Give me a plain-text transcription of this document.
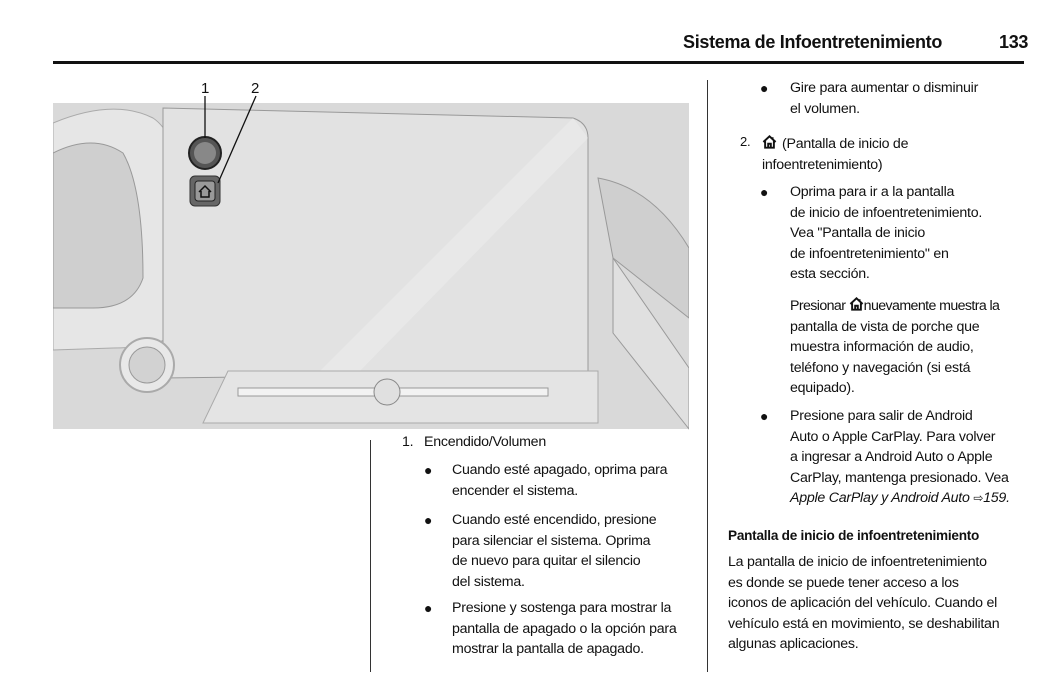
Sistema de Infoentretenimiento	133
1	2
1. Encendido/Volumen
● Cuando esté apagado, oprima para
encender el sistema.
● Cuando esté encendido, presione
para silenciar el sistema. Oprima
de nuevo para quitar el silencio
del sistema.
● Presione y sostenga para mostrar la
pantalla de apagado o la opción para
mostrar la pantalla de apagado.
● Gire para aumentar o disminuir
el volumen.
2.	(Pantalla de inicio de
infoentretenimiento)
● Oprima para ir a la pantalla
de inicio de infoentretenimiento.
Vea "Pantalla de inicio
de infoentretenimiento" en
esta sección.
Presionar nuevamente muestra la
pantalla de vista de porche que
muestra información de audio,
teléfono y navegación (si está
equipado).
● Presione para salir de Android
Auto o Apple CarPlay. Para volver
a ingresar a Android Auto o Apple
CarPlay, mantenga presionado. Vea
Apple CarPlay y Android Auto ⇨159.
Pantalla de inicio de infoentretenimiento
La pantalla de inicio de infoentretenimiento
es donde se puede tener acceso a los
iconos de aplicación del vehículo. Cuando el
vehículo está en movimiento, se deshabilitan
algunas aplicaciones.
